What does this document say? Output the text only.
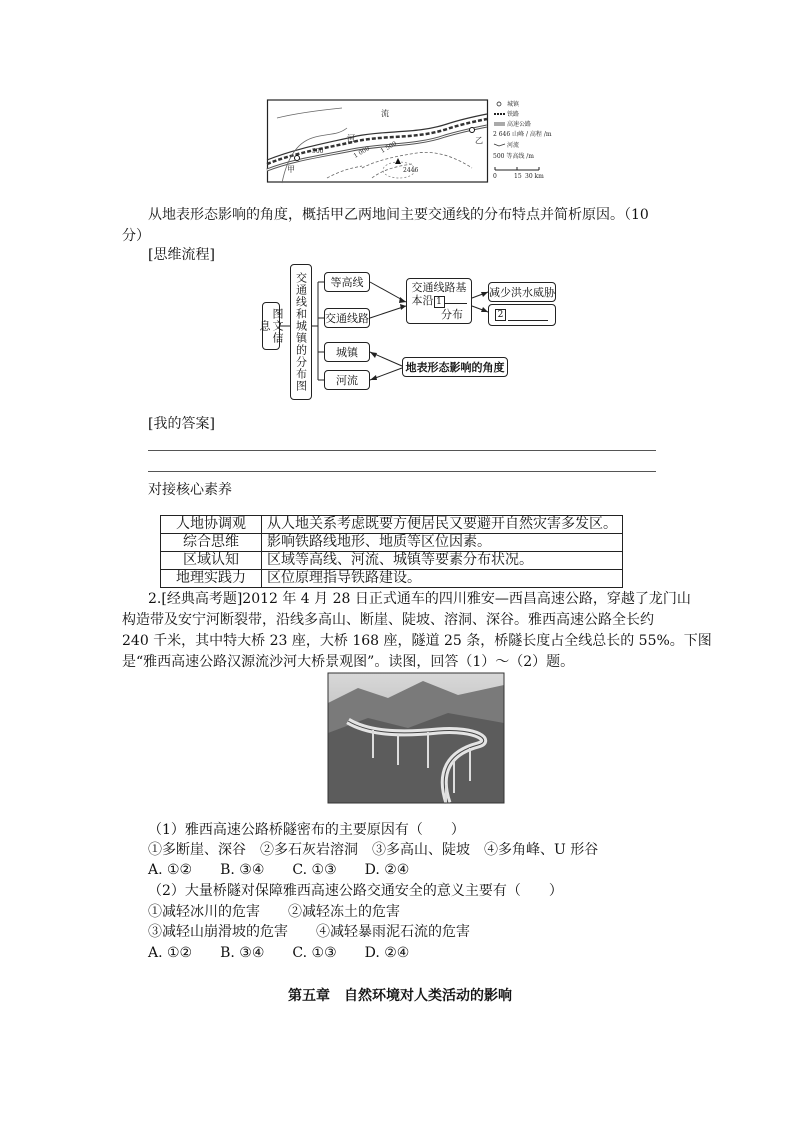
河
流
甲
乙
500	1 000 1 500
2446
城镇
铁路
高速公路
2 646 山峰 / 高程 /m
河流
500 等高线 /m
0	15 30 km
从地表形态影响的角度，概括甲乙两地间主要交通线的分布特点并简析原因。（10
分）
[思维流程]
图文信息	交通线和城镇的分布图	等高线
交通线路
城镇
河流
交通线路基
本沿 1
分布
减少洪水威胁
2
地表形态影响的角度
[我的答案]
对接核心素养
人地协调观	从人地关系考虑既要方便居民又要避开自然灾害多发区。
综合思维	影响铁路线地形、地质等区位因素。
区域认知	区域等高线、河流、城镇等要素分布状况。
地理实践力	区位原理指导铁路建设。
2.[经典高考题]2012 年 4 月 28 日正式通车的四川雅安—西昌高速公路，穿越了龙门山
构造带及安宁河断裂带，沿线多高山、断崖、陡坡、溶洞、深谷。雅西高速公路全长约
240 千米，其中特大桥 23 座，大桥 168 座，隧道 25 条，桥隧长度占全线总长的 55%。下图
是“雅西高速公路汉源流沙河大桥景观图”。读图，回答（1）～（2）题。
（1）雅西高速公路桥隧密布的主要原因有（　　）
①多断崖、深谷　②多石灰岩溶洞　③多高山、陡坡　④多角峰、U 形谷
A. ①②　　B. ③④　　C. ①③　　D. ②④
（2）大量桥隧对保障雅西高速公路交通安全的意义主要有（　　）
①减轻冰川的危害　　②减轻冻土的危害
③减轻山崩滑坡的危害　　④减轻暴雨泥石流的危害
A. ①②　　B. ③④　　C. ①③　　D. ②④
第五章　自然环境对人类活动的影响
